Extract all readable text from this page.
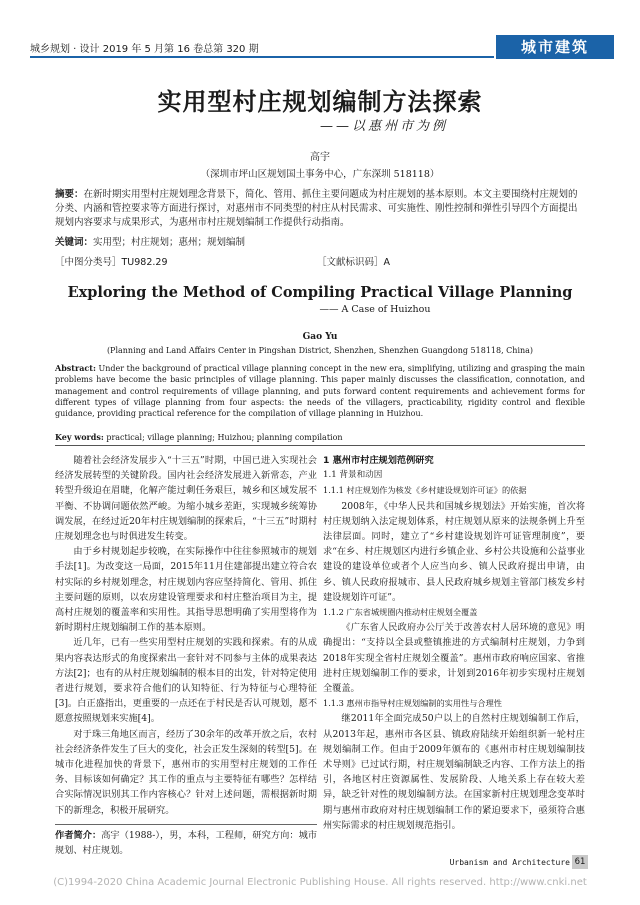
城乡规划 · 设计 2019 年 5 月第 16 卷总第 320 期	城市建筑
实用型村庄规划编制方法探索
——以惠州市为例
高宇
（深圳市坪山区规划国土事务中心，广东深圳 518118）
摘要：在新时期实用型村庄规划理念背景下，简化、管用、抓住主要问题成为村庄规划的基本原则。本文主要围绕村庄规划的分类、内涵和管控要求等方面进行探讨，对惠州市不同类型的村庄从村民需求、可实施性、刚性控制和弹性引导四个方面提出规划内容要求与成果形式，为惠州市村庄规划编制工作提供行动指南。
关键词：实用型；村庄规划；惠州；规划编制
［中图分类号］TU982.29	［文献标识码］A
Exploring the Method of Compiling Practical Village Planning
—— A Case of Huizhou
Gao Yu
(Planning and Land Affairs Center in Pingshan District, Shenzhen, Shenzhen Guangdong 518118, China)
Abstract: Under the background of practical village planning concept in the new era, simplifying, utilizing and grasping the main problems have become the basic principles of village planning. This paper mainly discusses the classification, connotation, and management and control requirements of village planning, and puts forward content requirements and achievement forms for different types of village planning from four aspects: the needs of the villagers, practicability, rigidity control and flexible guidance, providing practical reference for the compilation of village planning in Huizhou.
Key words: practical; village planning; Huizhou; planning compilation

随着社会经济发展步入“十三五”时期，中国已进入实现社会经济发展转型的关键阶段。国内社会经济发展进入新常态，产业转型升级迫在眉睫，化解产能过剩任务艰巨，城乡和区域发展不平衡、不协调问题依然严峻。为缩小城乡差距，实现城乡统筹协调发展，在经过近20年村庄规划编制的探索后，“十三五”时期村庄规划理念也与时俱进发生转变。

由于乡村规划起步较晚，在实际操作中往往参照城市的规划手法[1]。为改变这一局面，2015年11月住建部提出建立符合农村实际的乡村规划理念，村庄规划内容应坚持简化、管用、抓住主要问题的原则，以农房建设管理要求和村庄整治项目为主，提高村庄规划的覆盖率和实用性。其指导思想明确了实用型将作为新时期村庄规划编制工作的基本原则。

近几年，已有一些实用型村庄规划的实践和探索。有的从成果内容表达形式的角度探索出一套针对不同参与主体的成果表达方法[2]；也有的从村庄规划编制的根本目的出发，针对特定使用者进行规划，要求符合他们的认知特征、行为特征与心理特征[3]。白正盛指出，更重要的一点还在于村民是否认可规划，愿不愿意按照规划来实施[4]。

对于珠三角地区而言，经历了30余年的改革开放之后，农村社会经济条件发生了巨大的变化，社会正发生深刻的转型[5]。在城市化进程加快的背景下，惠州市的实用型村庄规划的工作任务、目标该如何确定？其工作的重点与主要特征有哪些？怎样结合实际情况识别其工作内容核心？针对上述问题，需根据新时期下的新理念，积极开展研究。

作者简介：高宇（1988-），男，本科，工程师，研究方向：城市规划、村庄规划。

1 惠州市村庄规划范例研究

1.1 背景和动因

1.1.1 村庄规划作为核发《乡村建设规划许可证》的依据

2008年，《中华人民共和国城乡规划法》开始实施，首次将村庄规划纳入法定规划体系，村庄规划从原来的法规条例上升至法律层面。同时，建立了“乡村建设规划许可证管理制度”，要求“在乡、村庄规划区内进行乡镇企业、乡村公共设施和公益事业建设的建设单位或者个人应当向乡、镇人民政府提出申请，由乡、镇人民政府报城市、县人民政府城乡规划主管部门核发乡村建设规划许可证”。

1.1.2 广东省城规圈内推动村庄规划全覆盖

《广东省人民政府办公厅关于改善农村人居环境的意见》明确提出：“支持以全县或整镇推进的方式编制村庄规划，力争到2018年实现全省村庄规划全覆盖”。惠州市政府响应国家、省推进村庄规划编制工作的要求，计划到2016年初步实现村庄规划全覆盖。

1.1.3 惠州市指导村庄规划编制的实用性与合理性

继2011年全面完成50户以上的自然村庄规划编制工作后，从2013年起，惠州市各区县、镇政府陆续开始组织新一轮村庄规划编制工作。但由于2009年颁布的《惠州市村庄规划编制技术导则》已过试行期，村庄规划编制缺乏内容、工作方法上的指引，各地区村庄资源属性、发展阶段、人地关系上存在较大差异，缺乏针对性的规划编制方法。在国家新村庄规划理念变革时期与惠州市政府对村庄规划编制工作的紧迫要求下，亟须符合惠州实际需求的村庄规划规范指引。

Urbanism and Architecture 61
(C)1994-2020 China Academic Journal Electronic Publishing House. All rights reserved. http://www.cnki.net
